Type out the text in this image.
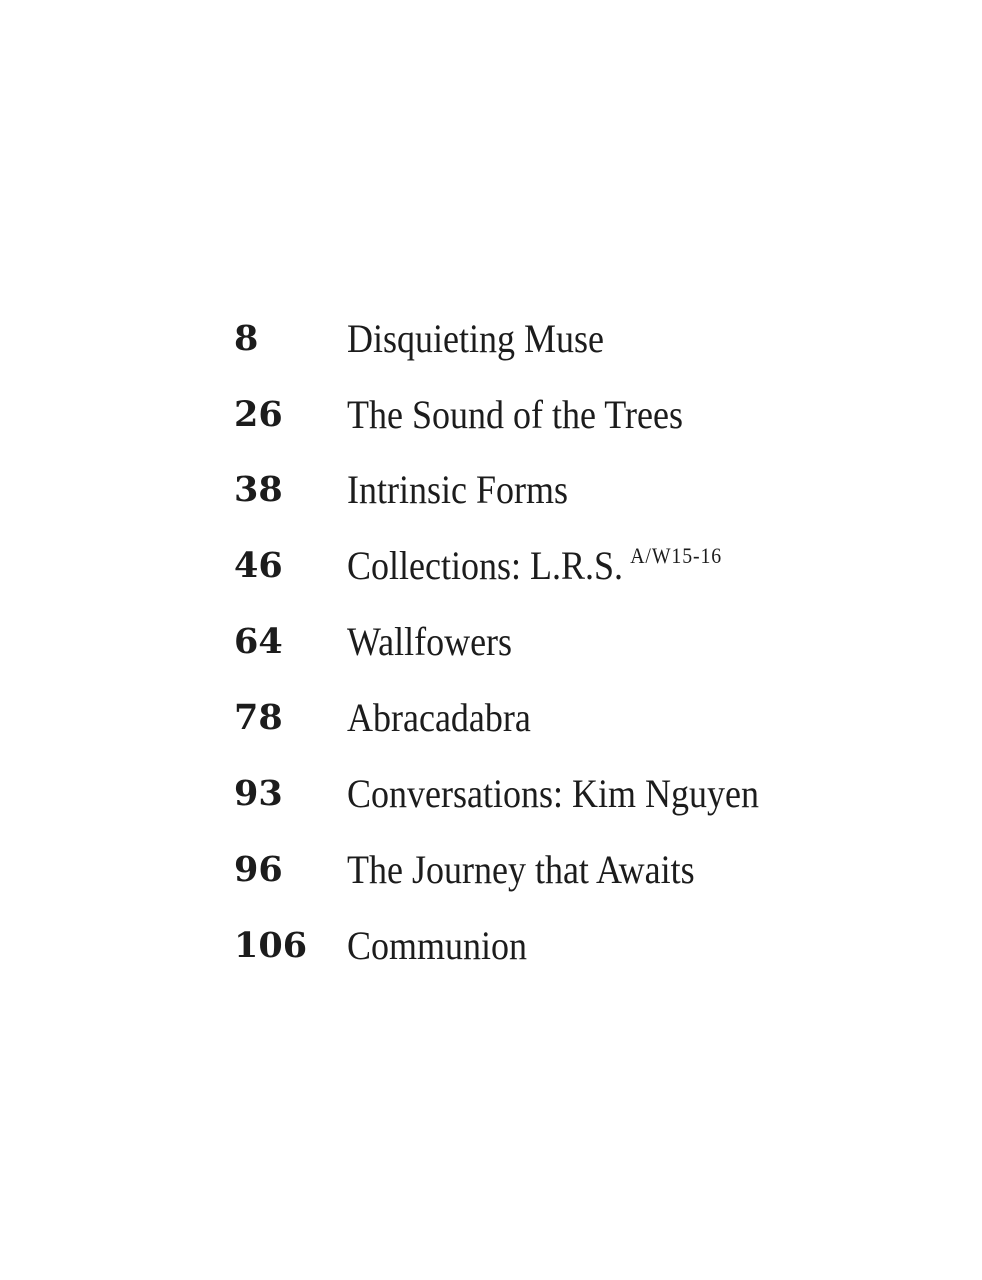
8 Disquieting Muse
26 The Sound of the Trees
38 Intrinsic Forms
46 Collections: L.R.S. $^{A/W15-16}$
64 Wallfowers
78 Abracadabra
93 Conversations: Kim Nguyen
96 The Journey that Awaits
106 Communion
